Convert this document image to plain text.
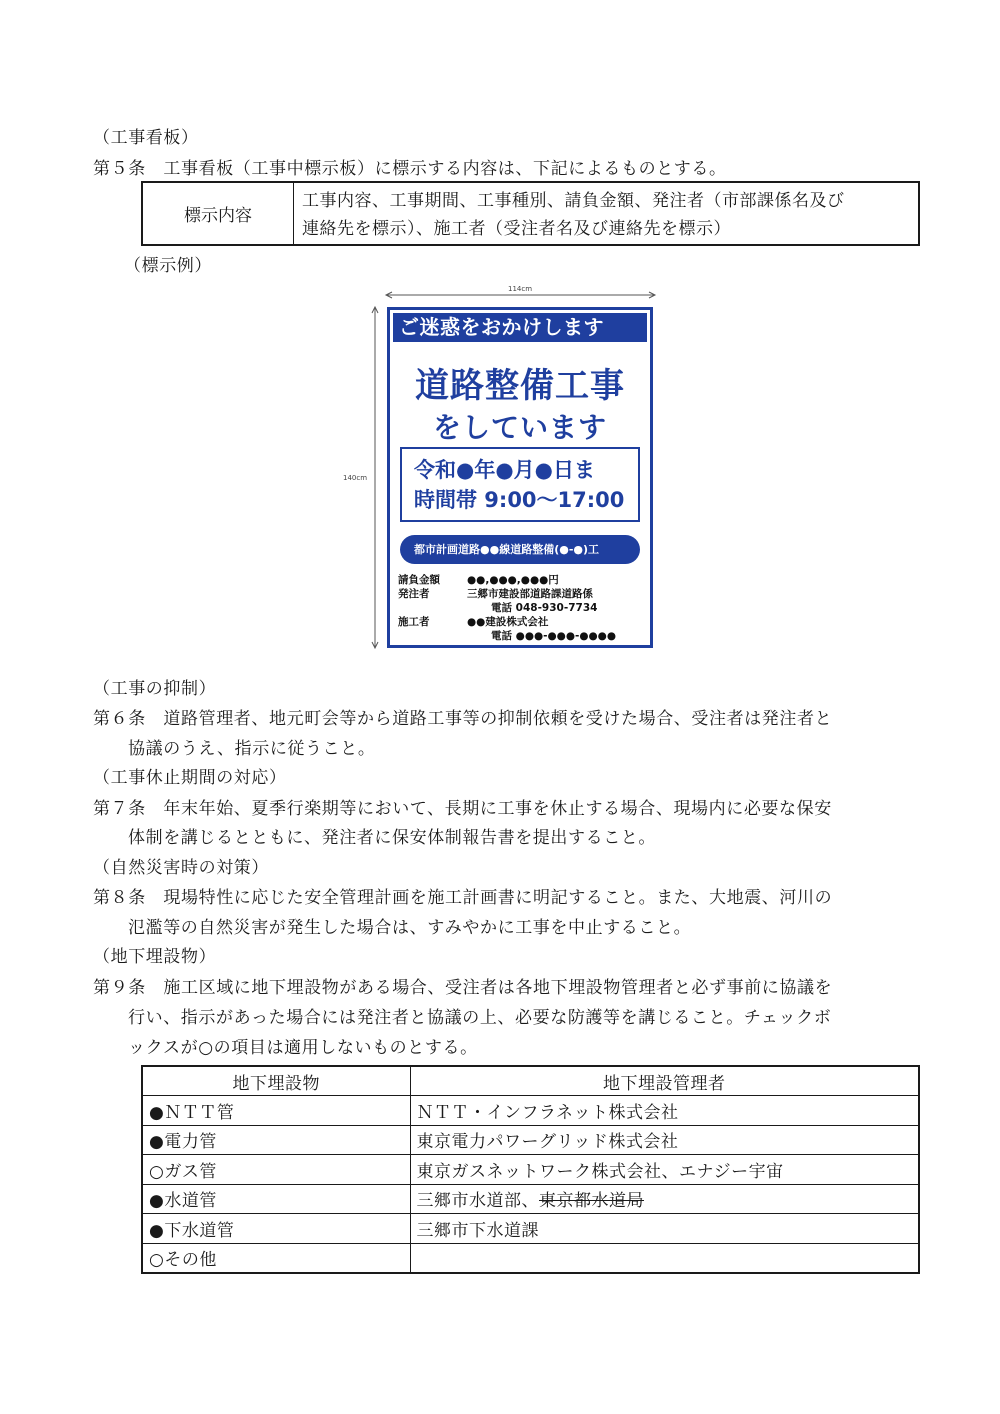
（工事看板）
第５条　工事看板（工事中標示板）に標示する内容は、下記によるものとする。
標示内容
工事内容、工事期間、工事種別、請負金額、発注者（市部課係名及び
連絡先を標示）、施工者（受注者名及び連絡先を標示）
（標示例）
114cm
140cm
ご迷惑をおかけします
道路整備工事
をしています
令和●年●月●日ま
時間帯 9:00～17:00
都市計画道路●●線道路整備(●-●)工
請負金額	●●,●●●,●●●円
発注者	三郷市建設部道路課道路係
電話 048-930-7734
施工者	●●建設株式会社
電話 ●●●-●●●-●●●●
（工事の抑制）
第６条　道路管理者、地元町会等から道路工事等の抑制依頼を受けた場合、受注者は発注者と
協議のうえ、指示に従うこと。
（工事休止期間の対応）
第７条　年末年始、夏季行楽期等において、長期に工事を休止する場合、現場内に必要な保安
体制を講じるとともに、発注者に保安体制報告書を提出すること。
（自然災害時の対策）
第８条　現場特性に応じた安全管理計画を施工計画書に明記すること。また、大地震、河川の
氾濫等の自然災害が発生した場合は、すみやかに工事を中止すること。
（地下埋設物）
第９条　施工区域に地下埋設物がある場合、受注者は各地下埋設物管理者と必ず事前に協議を
行い、指示があった場合には発注者と協議の上、必要な防護等を講じること。チェックボ
ックスが○の項目は適用しないものとする。
地下埋設物	地下埋設管理者
●ＮＴＴ管	ＮＴＴ・インフラネット株式会社
●電力管	東京電力パワーグリッド株式会社
○ガス管	東京ガスネットワーク株式会社、エナジー宇宙
●水道管	三郷市水道部、東京都水道局
●下水道管	三郷市下水道課
○その他	
